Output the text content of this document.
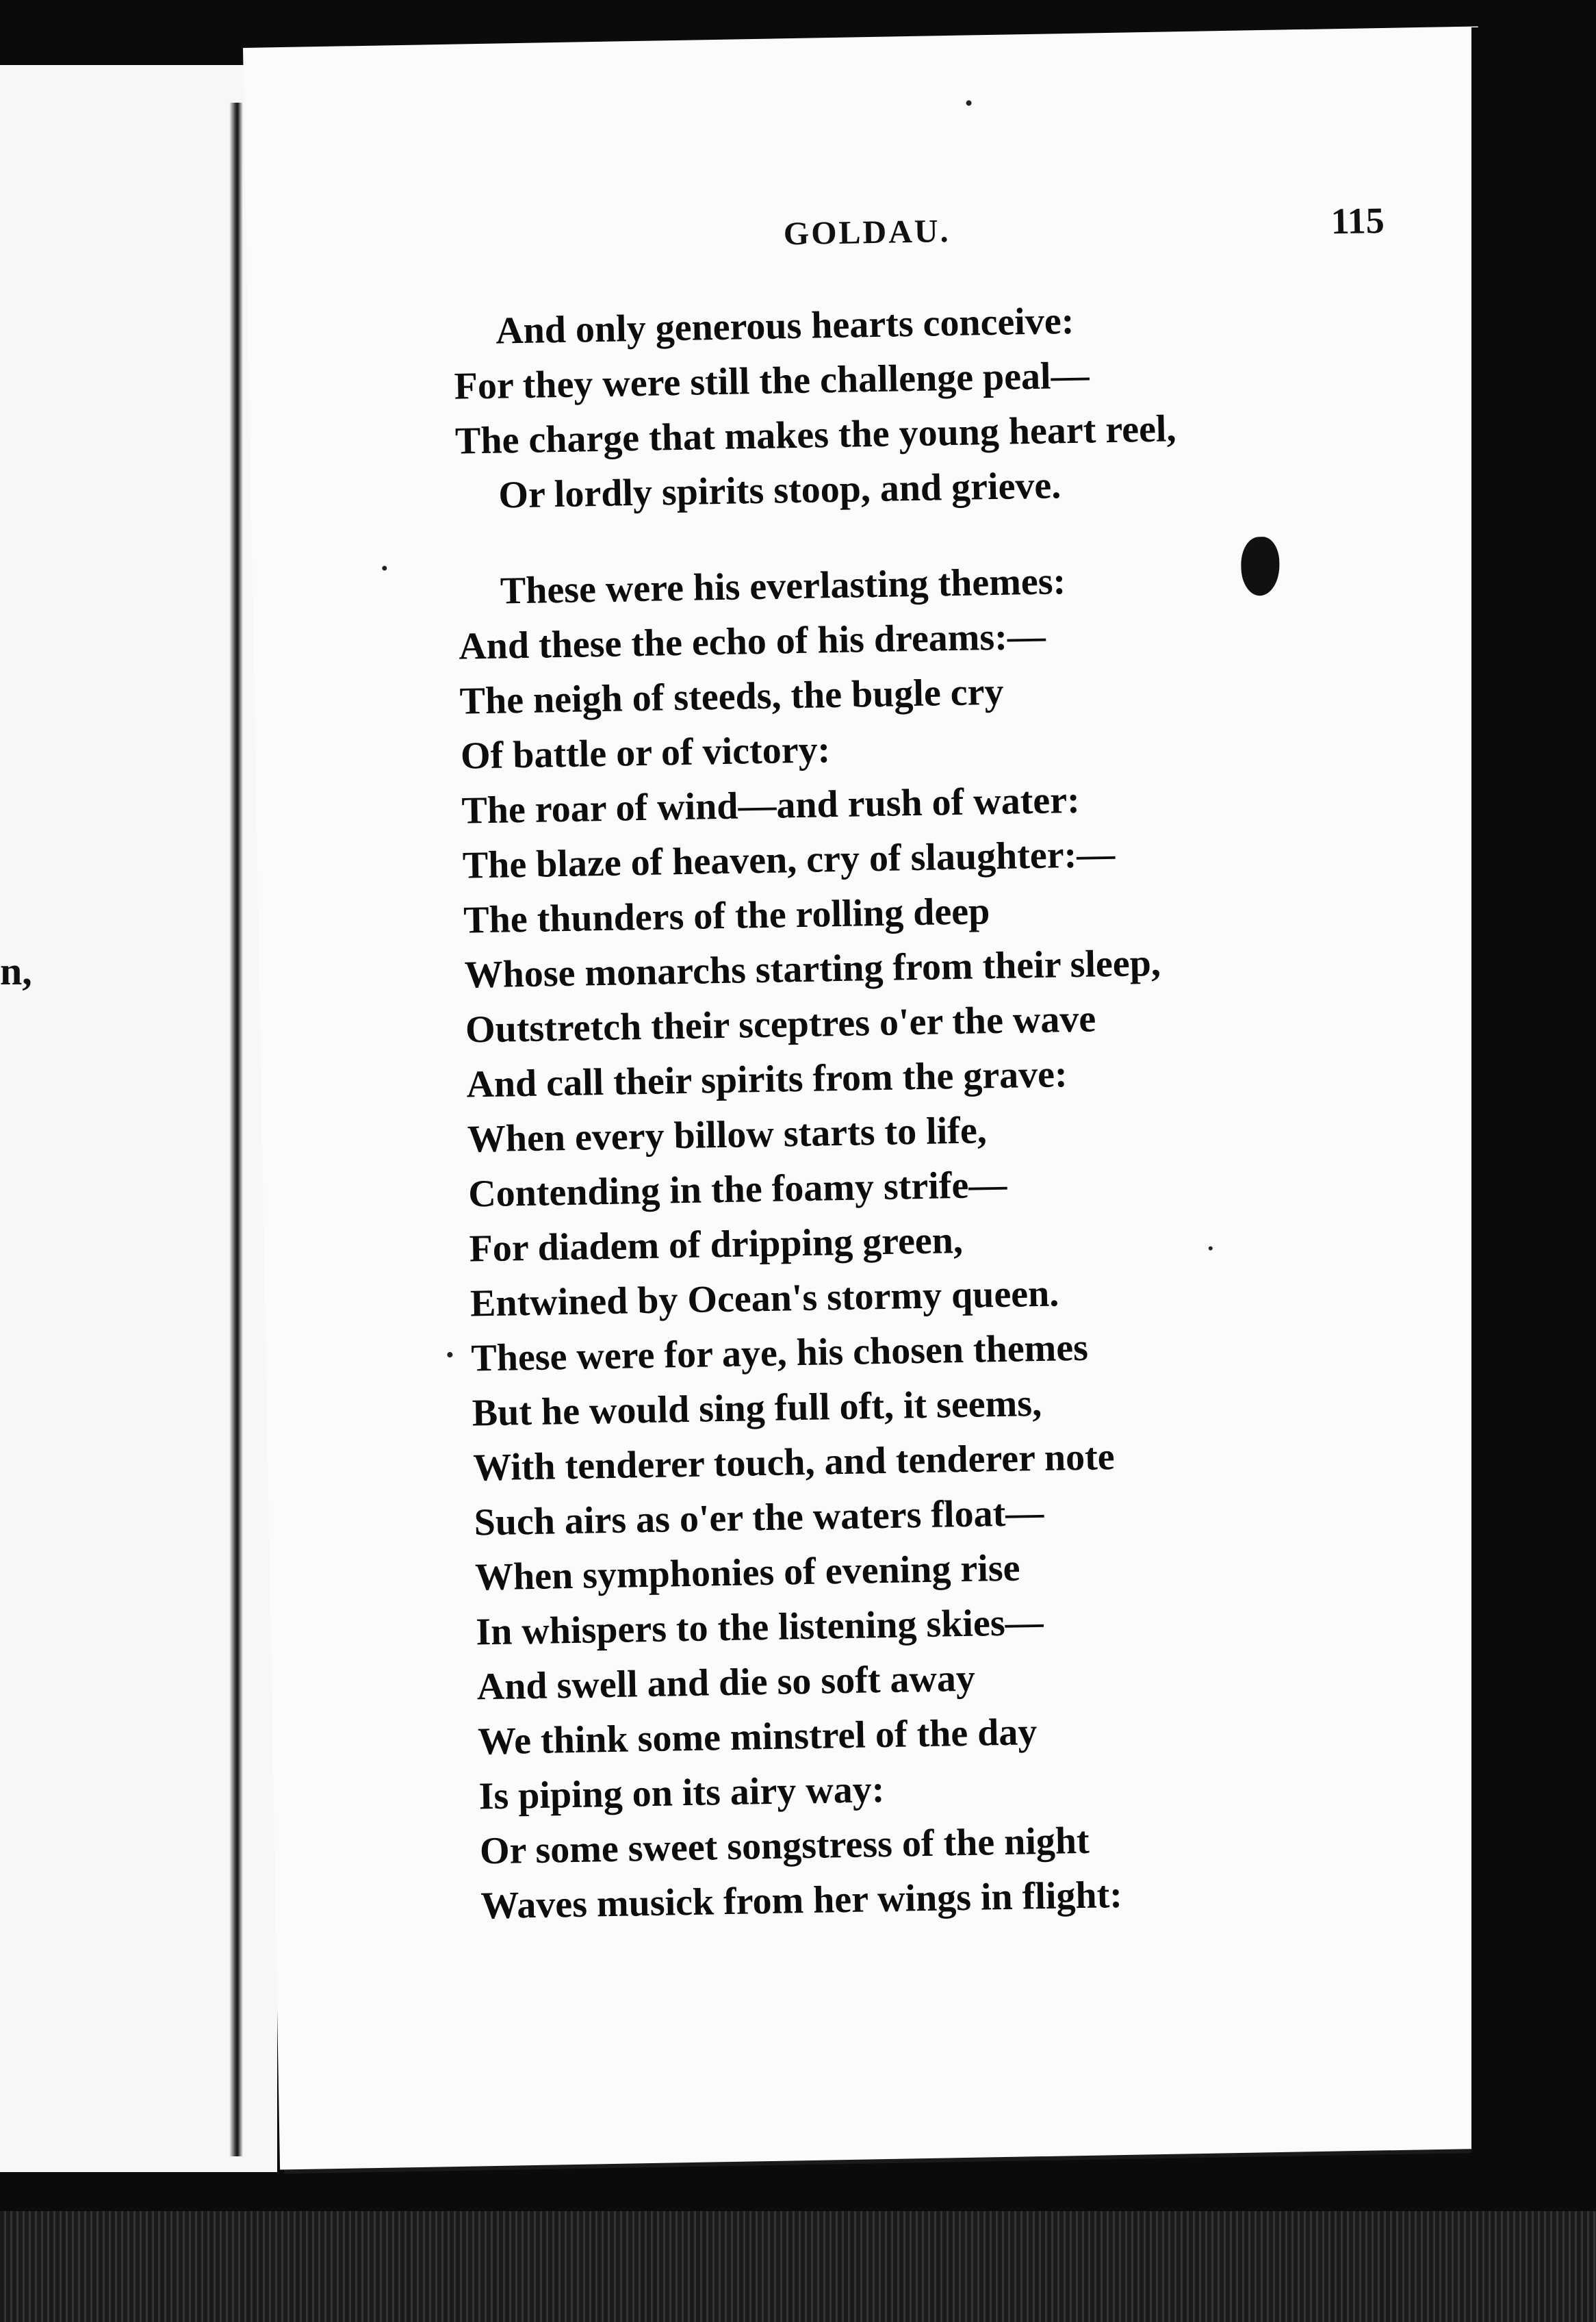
n,
GOLDAU.	115
And only generous hearts conceive:
For they were still the challenge peal—
The charge that makes the young heart reel,
Or lordly spirits stoop, and grieve.
These were his everlasting themes:
And these the echo of his dreams:—
The neigh of steeds, the bugle cry
Of battle or of victory:
The roar of wind—and rush of water:
The blaze of heaven, cry of slaughter:—
The thunders of the rolling deep
Whose monarchs starting from their sleep,
Outstretch their sceptres o'er the wave
And call their spirits from the grave:
When every billow starts to life,
Contending in the foamy strife—
For diadem of dripping green,
Entwined by Ocean's stormy queen.
These were for aye, his chosen themes
But he would sing full oft, it seems,
With tenderer touch, and tenderer note
Such airs as o'er the waters float—
When symphonies of evening rise
In whispers to the listening skies—
And swell and die so soft away
We think some minstrel of the day
Is piping on its airy way:
Or some sweet songstress of the night
Waves musick from her wings in flight:
